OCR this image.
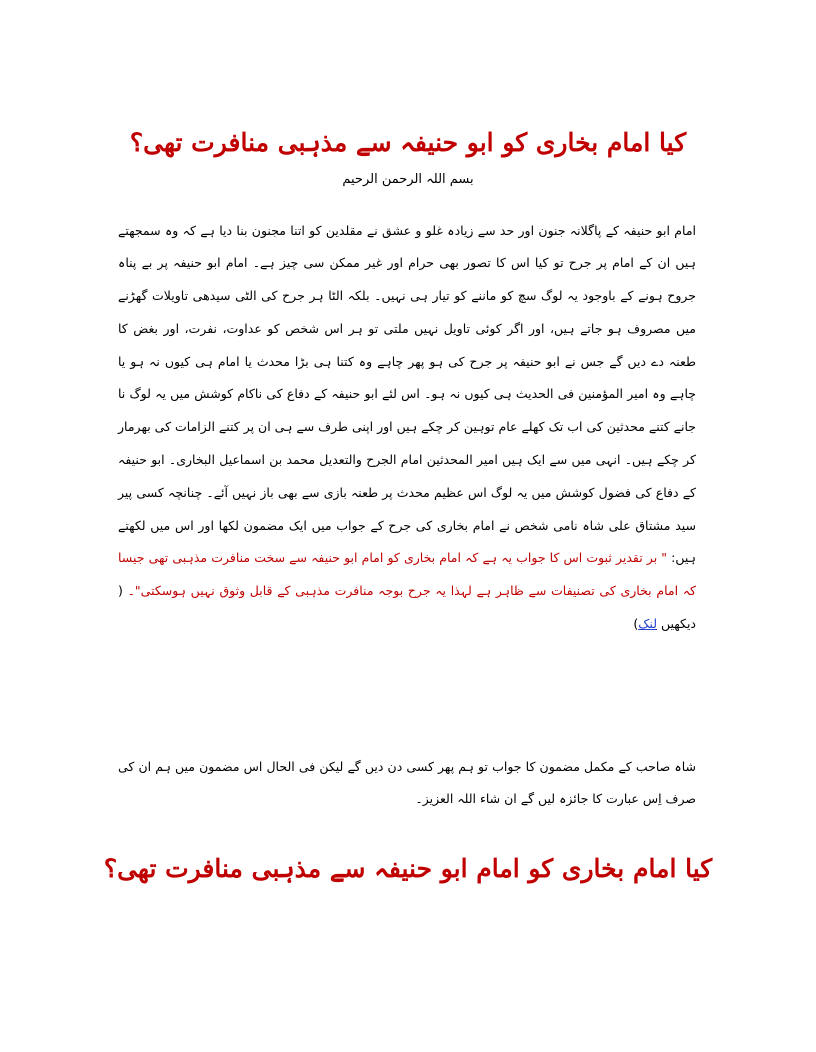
کیا امام بخاری کو ابو حنیفہ سے مذہبی منافرت تھی؟
بسم اللہ الرحمن الرحیم

امام ابو حنیفہ کے پاگلانہ جنون اور حد سے زیادہ غلو و عشق نے مقلدین کو اتنا مجنون بنا دیا ہے کہ وہ سمجھتے ہیں ان کے امام پر جرح تو کیا اس کا تصور بھی حرام اور غیر ممکن سی چیز ہے۔ امام ابو حنیفہ پر بے پناہ جروح ہونے کے باوجود یہ لوگ سچ کو ماننے کو تیار ہی نہیں۔ بلکہ الٹا ہر جرح کی الٹی سیدھی تاویلات گھڑنے میں مصروف ہو جاتے ہیں، اور اگر کوئی تاویل نہیں ملتی تو ہر اس شخص کو عداوت، نفرت، اور بغض کا طعنہ دے دیں گے جس نے ابو حنیفہ پر جرح کی ہو پھر چاہے وہ کتنا ہی بڑا محدث یا امام ہی کیوں نہ ہو یا چاہے وہ امیر المؤمنین فی الحدیث ہی کیوں نہ ہو۔ اس لئے ابو حنیفہ کے دفاع کی ناکام کوشش میں یہ لوگ نا جانے کتنے محدثین کی اب تک کھلے عام توہین کر چکے ہیں اور اپنی طرف سے ہی ان پر کتنے الزامات کی بھرمار کر چکے ہیں۔ انہی میں سے ایک ہیں امیر المحدثین امام الجرح والتعدیل محمد بن اسماعیل البخاری۔ ابو حنیفہ کے دفاع کی فضول کوشش میں یہ لوگ اس عظیم محدث پر طعنہ بازی سے بھی باز نہیں آئے۔ چنانچہ کسی پیر سید مشتاق علی شاہ نامی شخص نے امام بخاری کی جرح کے جواب میں ایک مضمون لکھا اور اس میں لکھتے ہیں: " بر تقدیر ثبوت اس کا جواب یہ ہے کہ امام بخاری کو امام ابو حنیفہ سے سخت منافرت مذہبی تھی جیسا کہ امام بخاری کی تصنیفات سے ظاہر ہے لہذا یہ جرح بوجہ منافرت مذہبی کے قابل وثوق نہیں ہوسکتی"۔ ( دیکھیں لنک)

شاہ صاحب کے مکمل مضمون کا جواب تو ہم پھر کسی دن دیں گے لیکن فی الحال اس مضمون میں ہم ان کی صرف اِس عبارت کا جائزہ لیں گے ان شاء اللہ العزیز۔

کیا امام بخاری کو امام ابو حنیفہ سے مذہبی منافرت تھی؟
